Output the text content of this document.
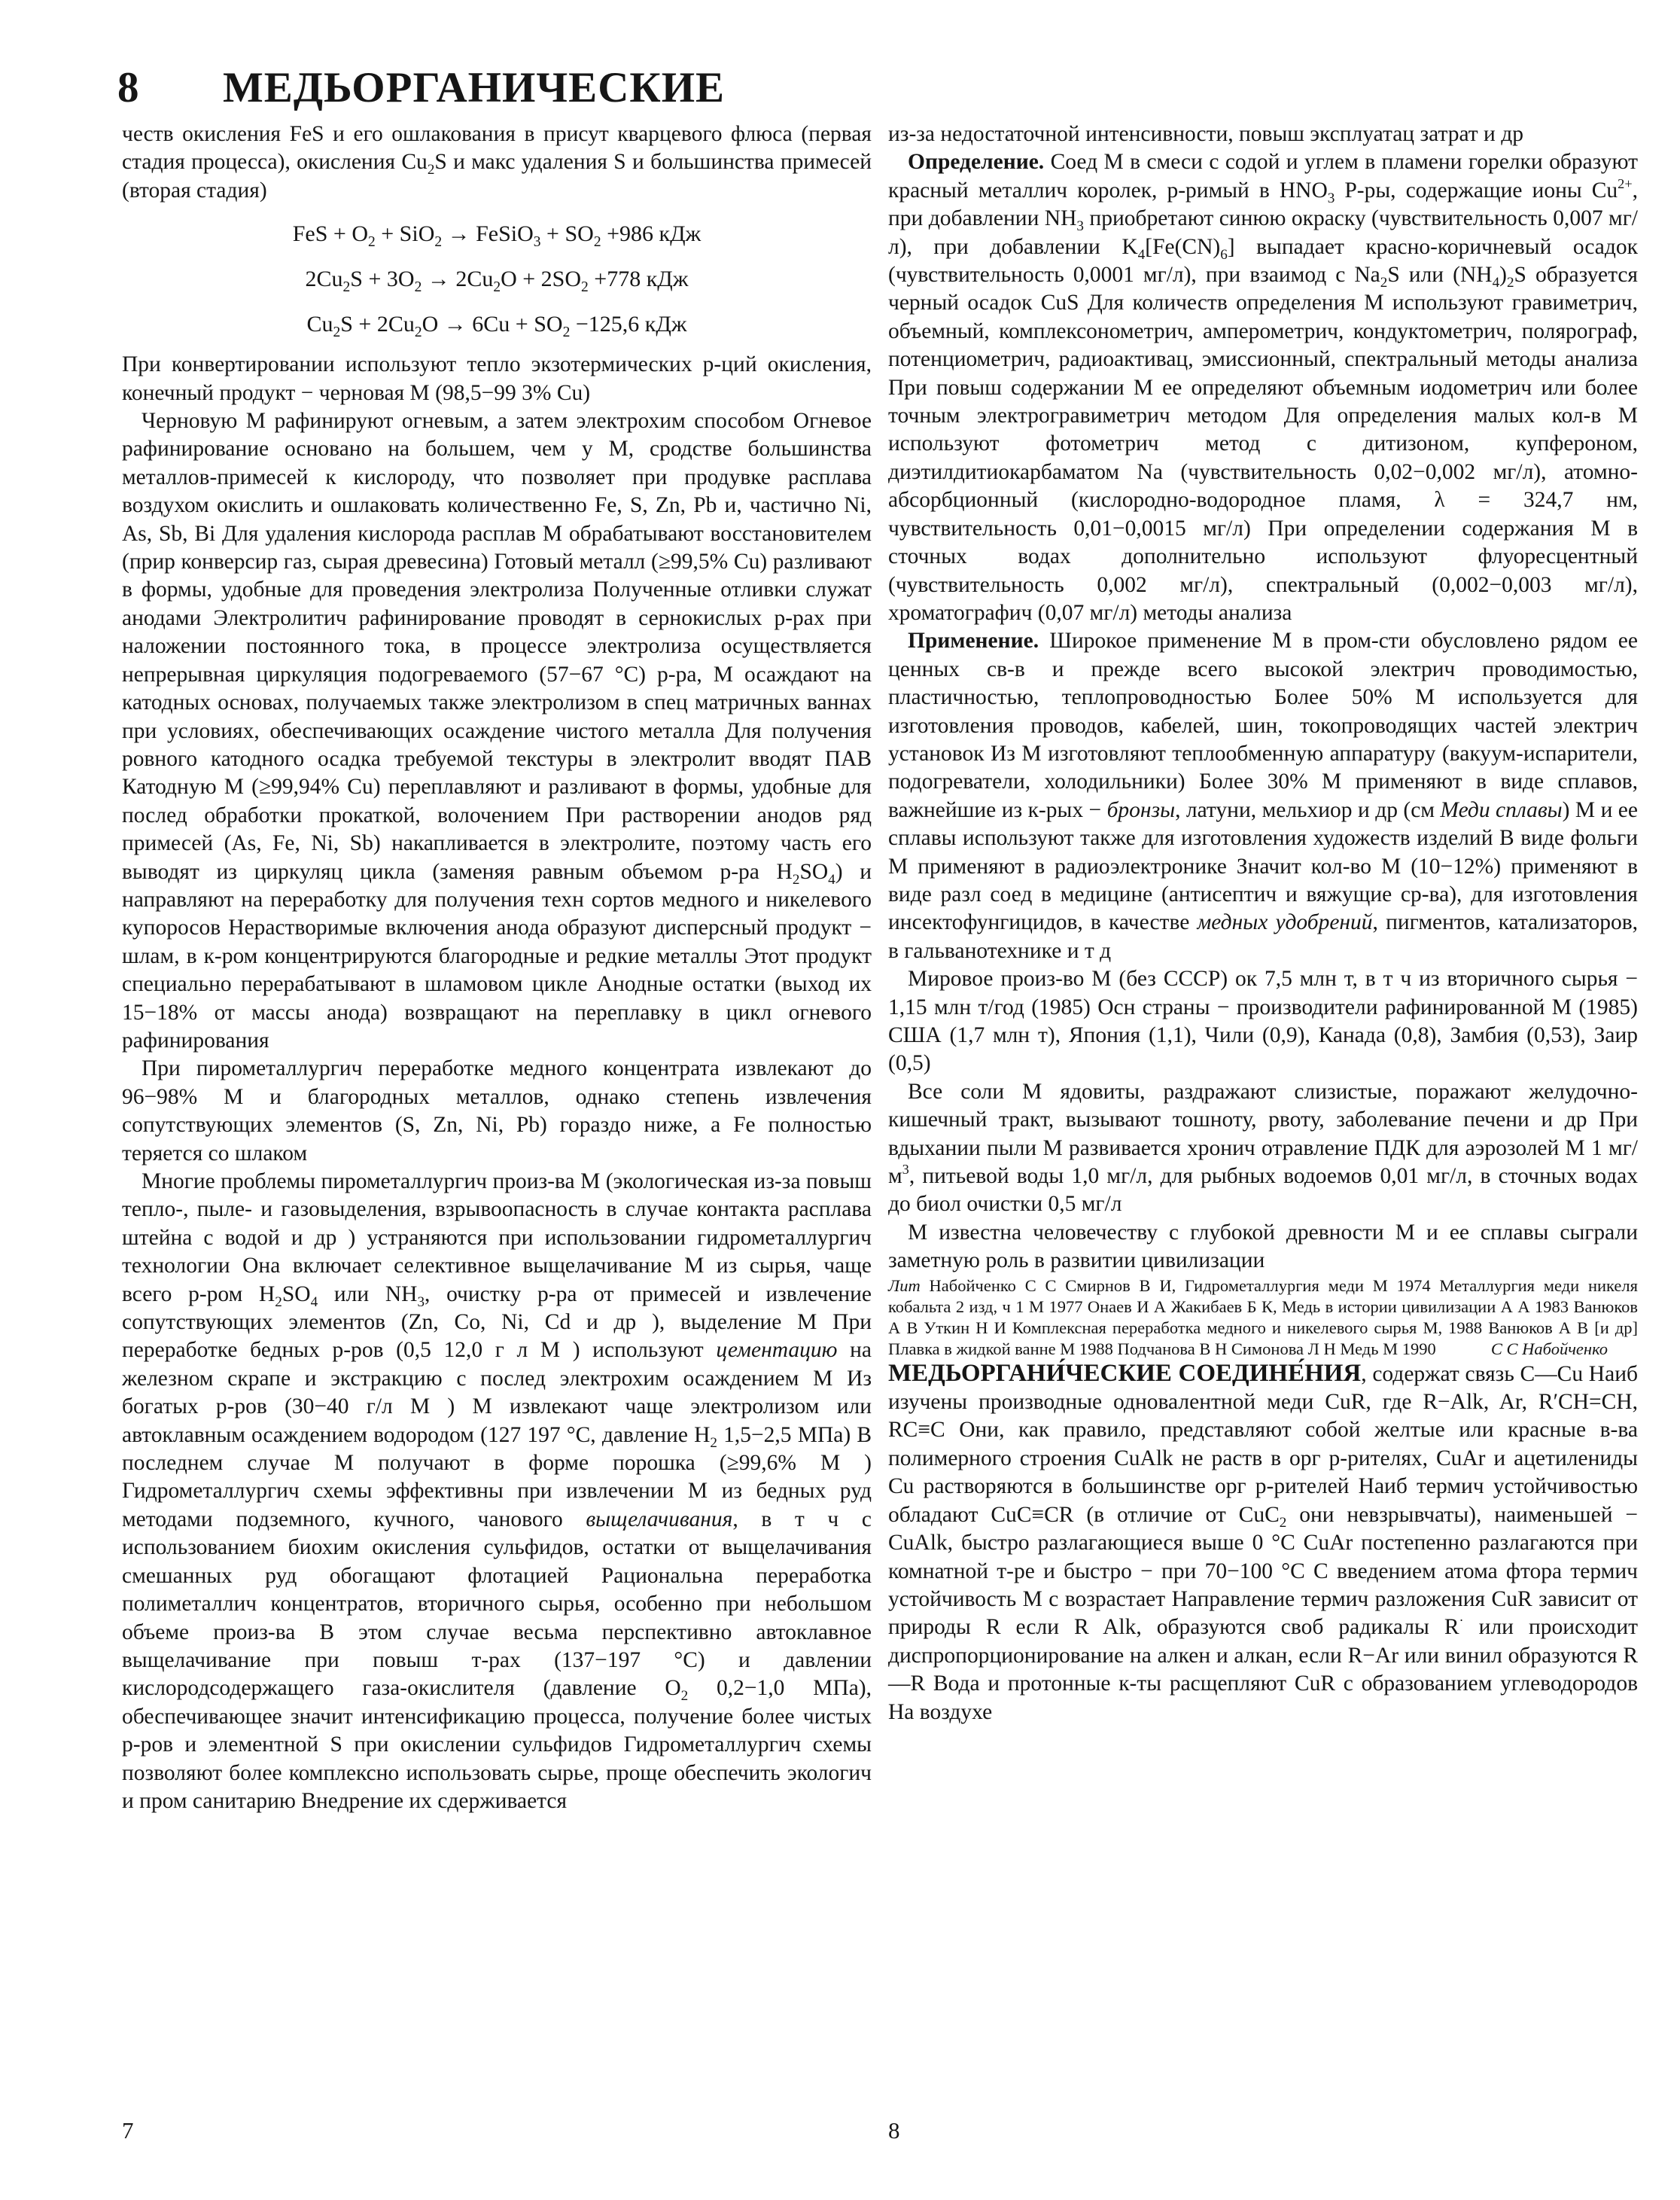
8 МЕДЬОРГАНИЧЕСКИЕ

честв окисления FeS и его ошлакования в присут кварцевого флюса (первая стадия процесса), окисления $Cu_2S$ и макс удаления S и большинства примесей (вторая стадия)

FeS + $O_2 + SiO_2$ → FeSiO$_3$ + $SO_2 +986$ кДж

$2Cu_2S + 3O_2 \to 2Cu_2O + 2SO_2 +778$ кДж

$Cu_2S + 2Cu_2O \to 6Cu + SO_2 -125,6$ кДж

При конвертировании используют тепло экзотермических р-ций окисления, конечный продукт − черновая М (98,5−99 3% Cu)

Черновую М рафинируют огневым, а затем электрохим способом Огневое рафинирование основано на большем, чем у М, сродстве большинства металлов-примесей к кислороду, что позволяет при продувке расплава воздухом окислить и ошлаковать количественно Fe, S, Zn, Pb и, частично Ni, As, Sb, Bi Для удаления кислорода расплав М обрабатывают восстановителем (прир конверсир газ, сырая древесина) Готовый металл (≥99,5% Cu) разливают в формы, удобные для проведения электролиза Полученные отливки служат анодами Электролитич рафинирование проводят в сернокислых р-рах при наложении постоянного тока, в процессе электролиза осуществляется непрерывная циркуляция подогреваемого (57−67 °C) р-ра, М осаждают на катодных основах, получаемых также электролизом в спец матричных ваннах при условиях, обеспечивающих осаждение чистого металла Для получения ровного катодного осадка требуемой текстуры в электролит вводят ПАВ Катодную М (≥99,94% Cu) переплавляют и разливают в формы, удобные для послед обработки прокаткой, волочением При растворении анодов ряд примесей (As, Fe, Ni, Sb) накапливается в электролите, поэтому часть его выводят из циркуляц цикла (заменяя равным объемом р-ра $H_2SO_4$) и направляют на переработку для получения техн сортов медного и никелевого купоросов Нерастворимые включения анода образуют дисперсный продукт − шлам, в к-ром концентрируются благородные и редкие металлы Этот продукт специально перерабатывают в шламовом цикле Анодные остатки (выход их 15−18% от массы анода) возвращают на переплавку в цикл огневого рафинирования

При пирометаллургич переработке медного концентрата извлекают до 96−98% М и благородных металлов, однако степень извлечения сопутствующих элементов (S, Zn, Ni, Pb) гораздо ниже, а Fe полностью теряется со шлаком

Многие проблемы пирометаллургич произ-ва М (экологическая из-за повыш тепло-, пыле- и газовыделения, взрывоопасность в случае контакта расплава штейна с водой и др ) устраняются при использовании гидрометаллургич технологии Она включает селективное выщелачивание М из сырья, чаще всего р-ром $H_2SO_4$ или $NH_3$, очистку р-ра от примесей и извлечение сопутствующих элементов (Zn, Co, Ni, Cd и др ), выделение М При переработке бедных р-ров (0,5 12,0 г л М ) используют цементацию на железном скрапе и экстракцию с послед электрохим осаждением М Из богатых р-ров (30−40 г/л М ) М извлекают чаще электролизом или автоклавным осаждением водородом (127 197 °C, давление $H_2$ 1,5−2,5 МПа) В последнем случае М получают в форме порошка (≥99,6% М ) Гидрометаллургич схемы эффективны при извлечении М из бедных руд методами подземного, кучного, чанового выщелачивания, в т ч с использованием биохим окисления сульфидов, остатки от выщелачивания смешанных руд обогащают флотацией Рациональна переработка полиметаллич концентратов, вторичного сырья, особенно при небольшом объеме произ-ва В этом случае весьма перспективно автоклавное выщелачивание при повыш т-рах (137−197 °C) и давлении кислородсодержащего газа-окислителя (давление $O_2$ 0,2−1,0 МПа), обеспечивающее значит интенсификацию процесса, получение более чистых р-ров и элементной S при окислении сульфидов Гидрометаллургич схемы позволяют более комплексно использовать сырье, проще обеспечить экологич и пром санитарию Внедрение их сдерживается

из-за недостаточной интенсивности, повыш эксплуатац затрат и др

Определение. Соед М в смеси с содой и углем в пламени горелки образуют красный металлич королек, р-римый в $HNO_3$ Р-ры, содержащие ионы $Cu^{2+}$, при добавлении $NH_3$ приобретают синюю окраску (чувствительность 0,007 мг/л), при добавлении $K_4[Fe(CN)_6]$ выпадает красно-коричневый осадок (чувствительность 0,0001 мг/л), при взаимод с $Na_2S$ или $(NH_4)_2S$ образуется черный осадок CuS Для количеств определения М используют гравиметрич, объемный, комплексонометрич, амперометрич, кондуктометрич, полярограф, потенциометрич, радиоактивац, эмиссионный, спектральный методы анализа При повыш содержании М ее определяют объемным иодометрич или более точным электрогравиметрич методом Для определения малых кол-в М используют фотометрич метод с дитизоном, купфероном, диэтилдитиокарбаматом Na (чувствительность 0,02−0,002 мг/л), атомно-абсорбционный (кислородно-водородное пламя, λ = 324,7 нм, чувствительность 0,01−0,0015 мг/л) При определении содержания М в сточных водах дополнительно используют флуоресцентный (чувствительность 0,002 мг/л), спектральный (0,002−0,003 мг/л), хроматографич (0,07 мг/л) методы анализа

Применение. Широкое применение М в пром-сти обусловлено рядом ее ценных св-в и прежде всего высокой электрич проводимостью, пластичностью, теплопроводностью Более 50% М используется для изготовления проводов, кабелей, шин, токопроводящих частей электрич установок Из М изготовляют теплообменную аппаратуру (вакуум-испарители, подогреватели, холодильники) Более 30% М применяют в виде сплавов, важнейшие из к-рых − бронзы, латуни, мельхиор и др (см Меди сплавы) М и ее сплавы используют также для изготовления художеств изделий В виде фольги М применяют в радиоэлектронике Значит кол-во М (10−12%) применяют в виде разл соед в медицине (антисептич и вяжущие ср-ва), для изготовления инсектофунгицидов, в качестве медных удобрений, пигментов, катализаторов, в гальванотехнике и т д

Мировое произ-во М (без СССР) ок 7,5 млн т, в т ч из вторичного сырья − 1,15 млн т/год (1985) Осн страны − производители рафинированной М (1985) США (1,7 млн т), Япония (1,1), Чили (0,9), Канада (0,8), Замбия (0,53), Заир (0,5)

Все соли М ядовиты, раздражают слизистые, поражают желудочно-кишечный тракт, вызывают тошноту, рвоту, заболевание печени и др При вдыхании пыли М развивается хронич отравление ПДК для аэрозолей М 1 $мг/м^3$, питьевой воды 1,0 мг/л, для рыбных водоемов 0,01 мг/л, в сточных водах до биол очистки 0,5 мг/л

М известна человечеству с глубокой древности М и ее сплавы сыграли заметную роль в развитии цивилизации

Лит Набойченко С С Смирнов В И, Гидрометаллургия меди М 1974 Металлургия меди никеля кобальта 2 изд, ч 1 М 1977 Онаев И А Жакибаев Б К, Медь в истории цивилизации А А 1983 Ванюков А В Уткин Н И Комплексная переработка медного и никелевого сырья М, 1988 Ванюков А В [и др] Плавка в жидкой ванне М 1988 Подчанова В Н Симонова Л Н Медь М 1990             С С Набойченко

МЕДЬОРГАНИ́ЧЕСКИЕ СОЕДИНЕ́НИЯ, содержат связь C—Cu Наиб изучены производные одновалентной меди CuR, где R−Alk, Ar, R′CH=CH, RC≡C Они, как правило, представляют собой желтые или красные в-ва полимерного строения CuAlk не раств в орг р-рителях, CuAr и ацетилениды Cu растворяются в большинстве орг р-рителей Наиб термич устойчивостью обладают CuC≡CR (в отличие от CuC$_2$ они невзрывчаты), наименьшей − CuAlk, быстро разлагающиеся выше 0 °C CuAr постепенно разлагаются при комнатной т-ре и быстро − при 70−100 °C С введением атома фтора термич устойчивость М с возрастает Направление термич разложения CuR зависит от природы R если R Alk, образуются своб радикалы R· или происходит диспропорционирование на алкен и алкан, если R−Ar или винил образуются R—R Вода и протонные к-ты расщепляют CuR с образованием углеводородов На воздухе

7	8
